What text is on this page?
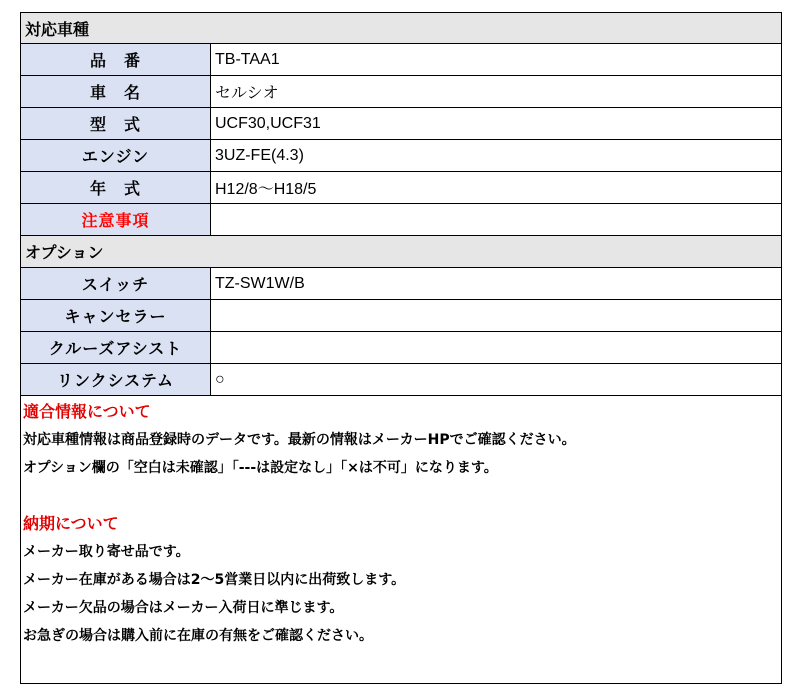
対応車種
品　番	TB-TAA1
車　名	セルシオ
型　式	UCF30,UCF31
エンジン	3UZ-FE(4.3)
年　式	H12/8〜H18/5
注意事項
オプション
スイッチ	TZ-SW1W/B
キャンセラー
クルーズアシスト
リンクシステム	○
適合情報について
対応車種情報は商品登録時のデータです。最新の情報はメーカーHPでご確認ください。
オプション欄の「空白は未確認」「---は設定なし」「×は不可」になります。
納期について
メーカー取り寄せ品です。
メーカー在庫がある場合は2〜5営業日以内に出荷致します。
メーカー欠品の場合はメーカー入荷日に準じます。
お急ぎの場合は購入前に在庫の有無をご確認ください。
